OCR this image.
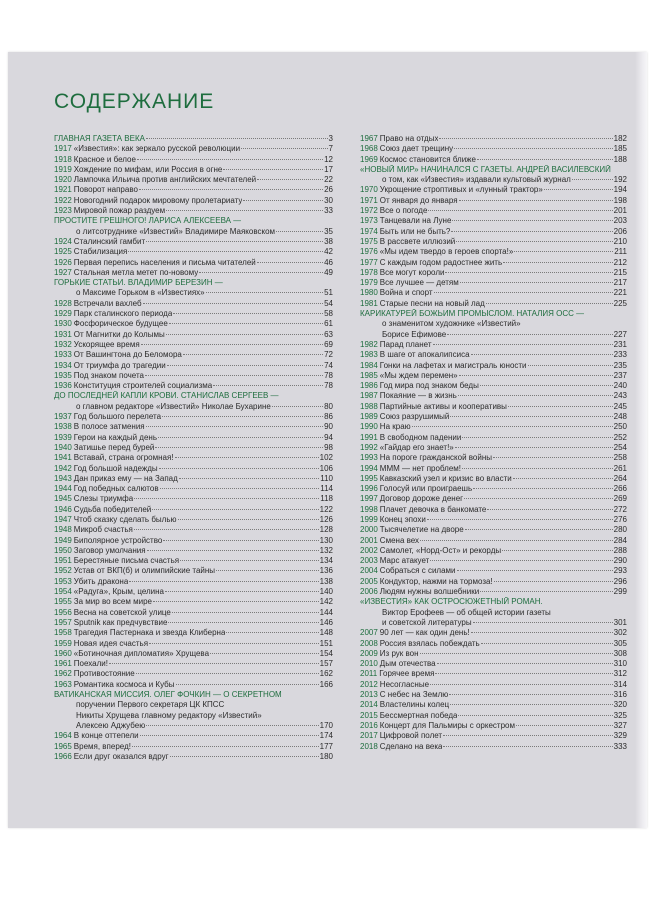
СОДЕРЖАНИЕ
ГЛАВНАЯ ГАЗЕТА ВЕКА	3
1917 «Известия»: как зеркало русской революции	7
1918 Красное и белое	12
1919 Хождение по мифам, или Россия в огне	17
1920 Лампочка Ильича против английских мечтателей	22
1921 Поворот направо	26
1922 Новогодний подарок мировому пролетариату	30
1923 Мировой пожар раздуем	33
ПРОСТИТЕ ГРЕШНОГО! ЛАРИСА АЛЕКСЕЕВА —
о литсотруднике «Известий» Владимире Маяковском	35
1924 Сталинский гамбит	38
1925 Стабилизация	42
1926 Первая перепись населения и письма читателей	46
1927 Стальная метла метет по-новому	49
ГОРЬКИЕ СТАТЬИ. ВЛАДИМИР БЕРЕЗИН —
о Максиме Горьком в «Известиях»	51
1928 Встречали вахлеб	54
1929 Парк сталинского периода	58
1930 Фосфорическое будущее	61
1931 От Магнитки до Колымы	63
1932 Ускорящее время	69
1933 От Вашингтона до Беломора	72
1934 От триумфа до трагедии	74
1935 Под знаком почета	78
1936 Конституция строителей социализма	78
ДО ПОСЛЕДНЕЙ КАПЛИ КРОВИ. СТАНИСЛАВ СЕРГЕЕВ —
о главном редакторе «Известий» Николае Бухарине	80
1937 Год большого перелета	86
1938 В полосе затмения	90
1939 Герои на каждый день	94
1940 Затишье перед бурей	98
1941 Вставай, страна огромная!	102
1942 Год большой надежды	106
1943 Дан приказ ему — на Запад	110
1944 Год победных салютов	114
1945 Слезы триумфа	118
1946 Судьба победителей	122
1947 Чтоб сказку сделать былью	126
1948 Микроб счастья	128
1949 Биполярное устройство	130
1950 Заговор умолчания	132
1951 Берестяные письма счастья	134
1952 Устав от ВКП(б) и олимпийские тайны	136
1953 Убить дракона	138
1954 «Радуга», Крым, целина	140
1955 За мир во всем мире	142
1956 Весна на советской улице	144
1957 Sputnik как предчувствие	146
1958 Трагедия Пастернака и звезда Клиберна	148
1959 Новая идея счастья	151
1960 «Ботиночная дипломатия» Хрущева	154
1961 Поехали!	157
1962 Противостояние	162
1963 Романтика космоса и Кубы	166
ВАТИКАНСКАЯ МИССИЯ. ОЛЕГ ФОЧКИН — О СЕКРЕТНОМ
поручении Первого секретаря ЦК КПСС
Никиты Хрущева главному редактору «Известий»
Алексею Аджубею	170
1964 В конце оттепели	174
1965 Время, вперед!	177
1966 Если друг оказался вдруг	180
1967 Право на отдых	182
1968 Союз дает трещину	185
1969 Космос становится ближе	188
«НОВЫЙ МИР» НАЧИНАЛСЯ С ГАЗЕТЫ. АНДРЕЙ ВАСИЛЕВСКИЙ
о том, как «Известия» издавали культовый журнал	192
1970 Укрощение строптивых и «лунный трактор»	194
1971 От января до января	198
1972 Все о погоде	201
1973 Танцевали на Луне	203
1974 Быть или не быть?	206
1975 В рассвете иллюзий	210
1976 «Мы идем твердо в героев спорта!»	211
1977 С каждым годом радостнее жить	212
1978 Все могут короли	215
1979 Все лучшее — детям	217
1980 Война и спорт	221
1981 Старые песни на новый лад	225
КАРИКАТУРЕЙ БОЖЬИМ ПРОМЫСЛОМ. НАТАЛИЯ ОСС —
о знаменитом художнике «Известий»
Борисе Ефимове	227
1982 Парад планет	231
1983 В шаге от апокалипсиса	233
1984 Гонки на лафетах и магистраль юности	235
1985 «Мы ждем перемен»	237
1986 Год мира под знаком беды	240
1987 Покаяние — в жизнь	243
1988 Партийные активы и кооперативы	245
1989 Союз разрушимый	248
1990 На краю	250
1991 В свободном падении	252
1992 «Гайдар его знает!»	254
1993 На пороге гражданской войны	258
1994 МММ — нет проблем!	261
1995 Кавказский узел и кризис во власти	264
1996 Голосуй или проиграешь	266
1997 Договор дороже денег	269
1998 Плачет девочка в банкомате	272
1999 Конец эпохи	276
2000 Тысячелетие на дворе	280
2001 Смена вех	284
2002 Самолет, «Норд-Ост» и рекорды	288
2003 Марс атакует	290
2004 Собраться с силами	293
2005 Кондуктор, нажми на тормоза!	296
2006 Людям нужны волшебники	299
«ИЗВЕСТИЯ» КАК ОСТРОСЮЖЕТНЫЙ РОМАН.
Виктор Ерофеев — об общей истории газеты
и советской литературы	301
2007 90 лет — как один день!	302
2008 Россия взялась побеждать	305
2009 Из рук вон	308
2010 Дым отечества	310
2011 Горячее время	312
2012 Несогласные	314
2013 С небес на Землю	316
2014 Властелины колец	320
2015 Бессмертная победа	325
2016 Концерт для Пальмиры с оркестром	327
2017 Цифровой полет	329
2018 Сделано на века	333
